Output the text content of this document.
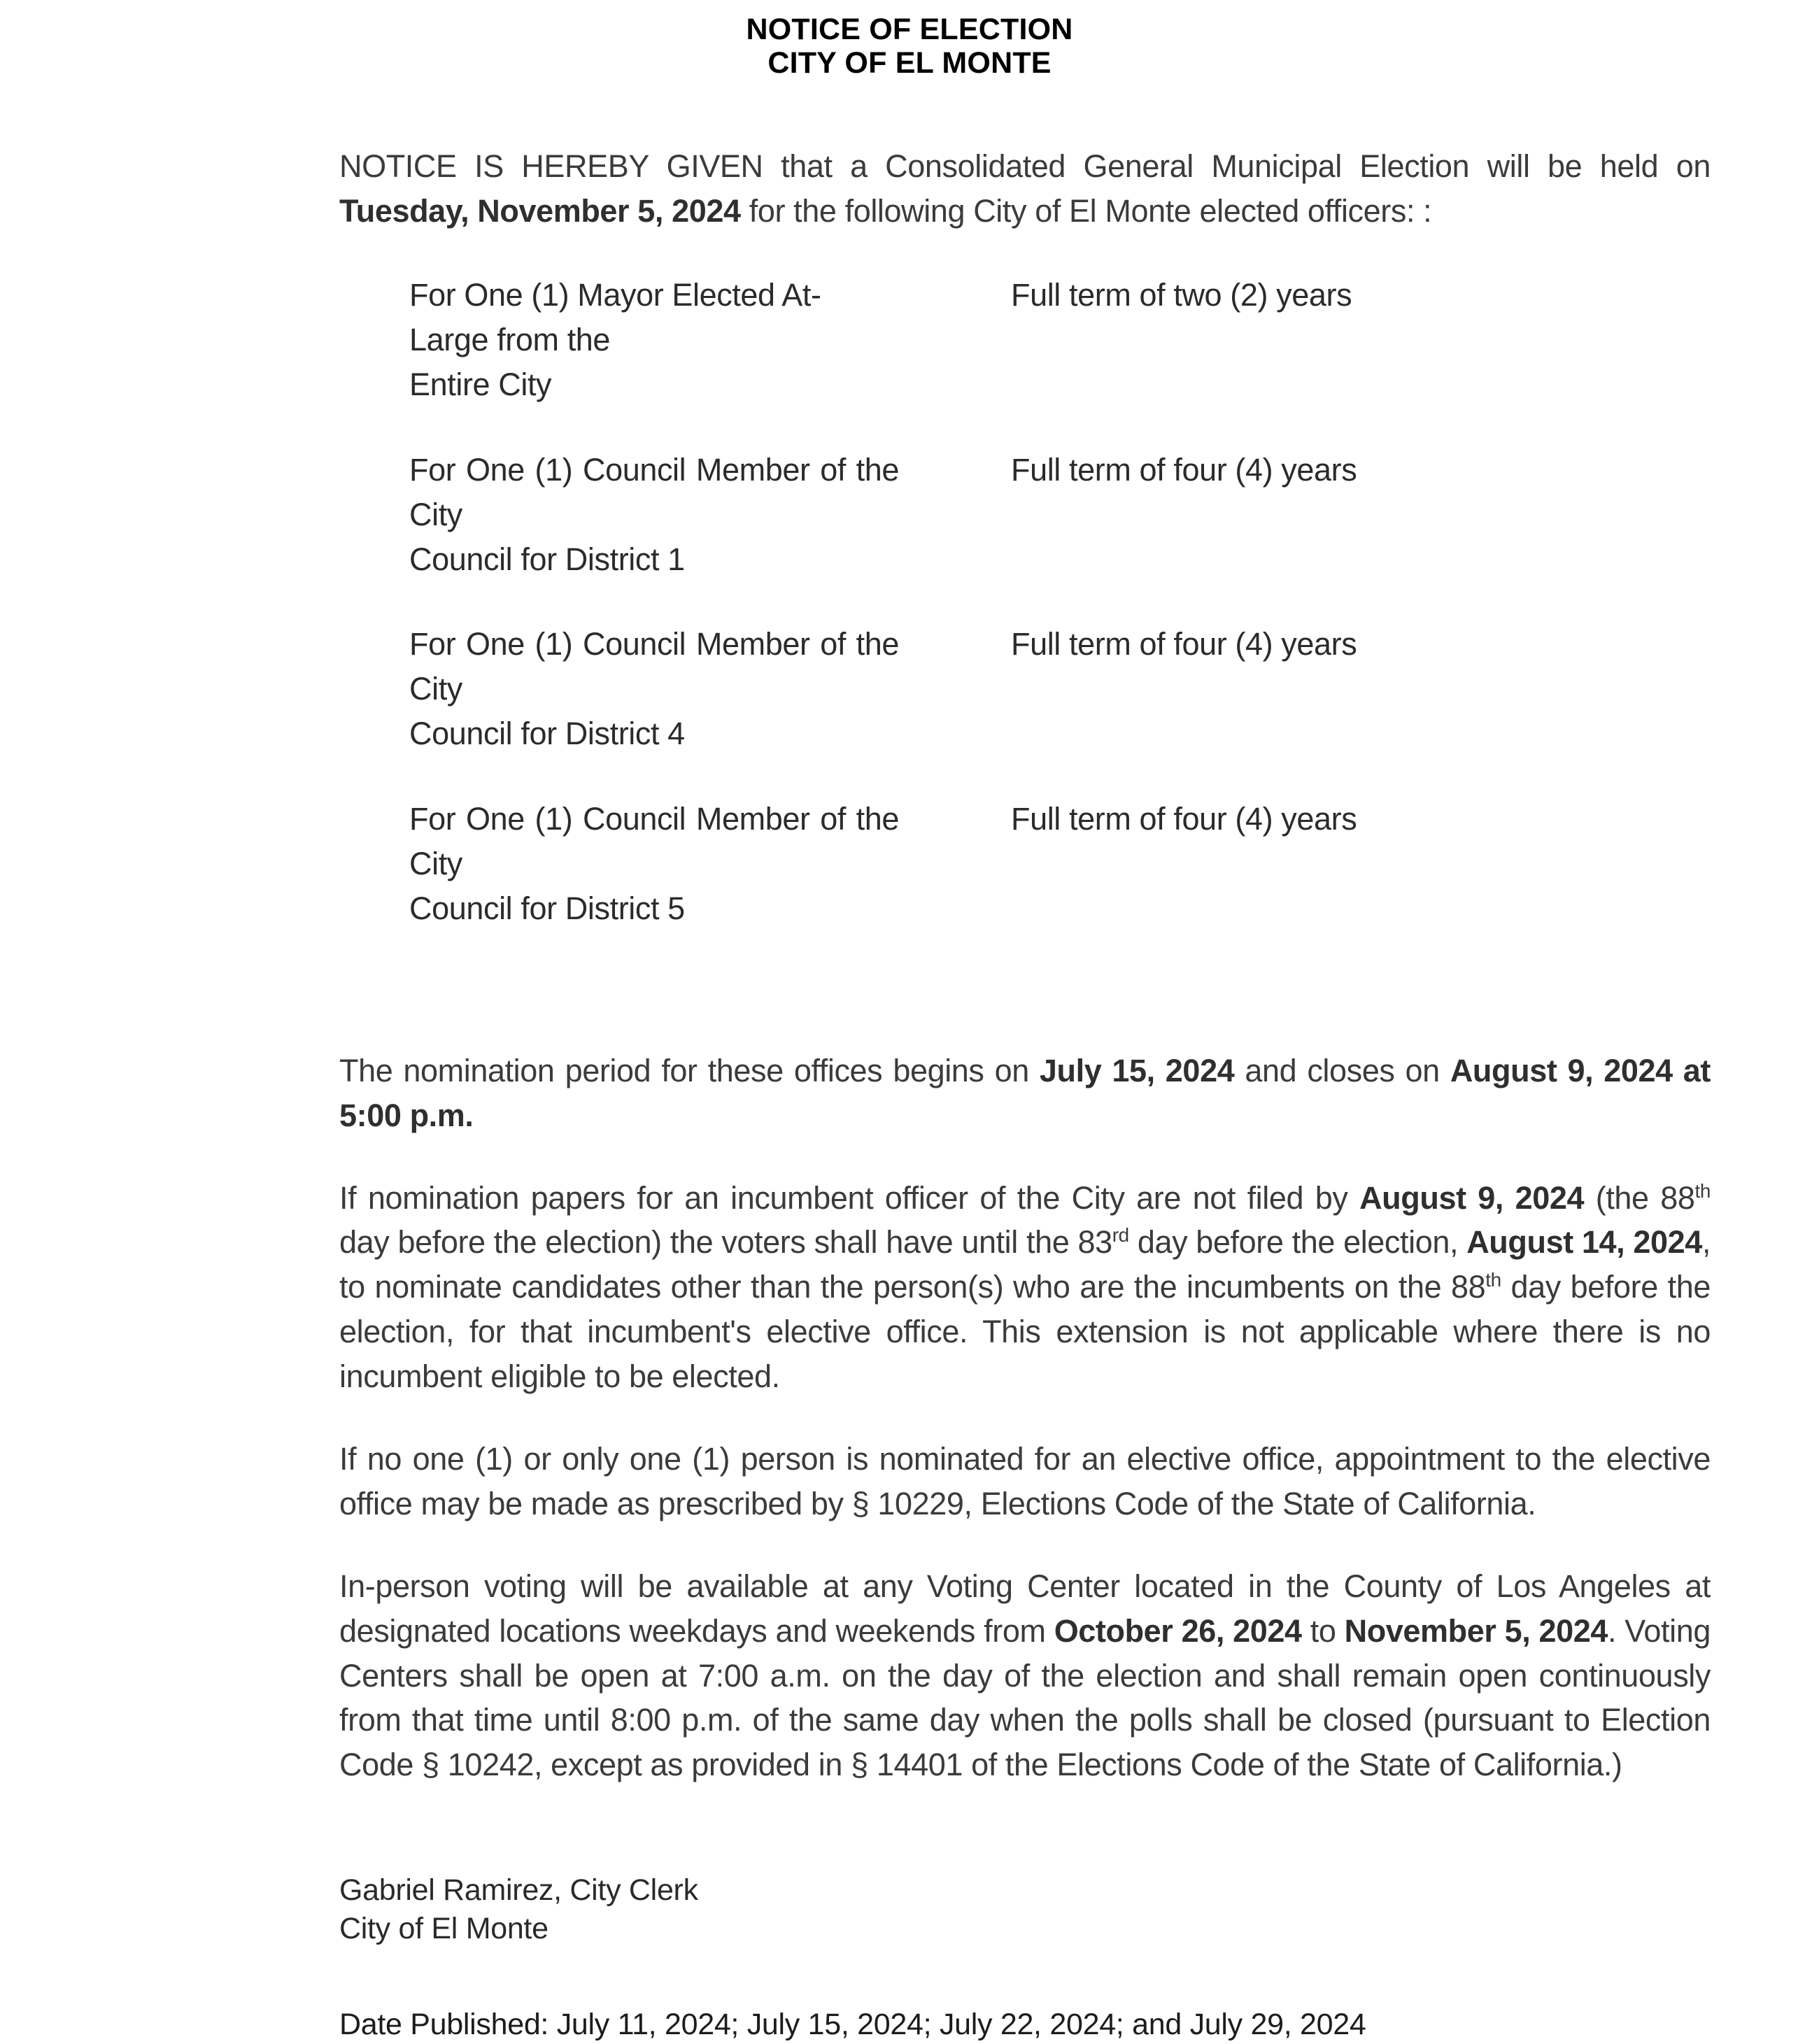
NOTICE OF ELECTION
CITY OF EL MONTE

NOTICE IS HEREBY GIVEN that a Consolidated General Municipal Election will be held on Tuesday, November 5, 2024 for the following City of El Monte elected officers: :

For One (1) Mayor Elected At-Large from the
Entire City	Full term of two (2) years

For One (1) Council Member of the City
Council for District 1	Full term of four (4) years

For One (1) Council Member of the City
Council for District 4	Full term of four (4) years

For One (1) Council Member of the City
Council for District 5	Full term of four (4) years

The nomination period for these offices begins on July 15, 2024 and closes on August 9, 2024 at 5:00 p.m.

If nomination papers for an incumbent officer of the City are not filed by August 9, 2024 (the 88th day before the election) the voters shall have until the 83rd day before the election, August 14, 2024, to nominate candidates other than the person(s) who are the incumbents on the 88th day before the election, for that incumbent's elective office. This extension is not applicable where there is no incumbent eligible to be elected.

If no one (1) or only one (1) person is nominated for an elective office, appointment to the elective office may be made as prescribed by § 10229, Elections Code of the State of California.

In-person voting will be available at any Voting Center located in the County of Los Angeles at designated locations weekdays and weekends from October 26, 2024 to November 5, 2024. Voting Centers shall be open at 7:00 a.m. on the day of the election and shall remain open continuously from that time until 8:00 p.m. of the same day when the polls shall be closed (pursuant to Election Code § 10242, except as provided in § 14401 of the Elections Code of the State of California.)

Gabriel Ramirez, City Clerk
City of El Monte
Date Published: July 11, 2024; July 15, 2024; July 22, 2024; and July 29, 2024
